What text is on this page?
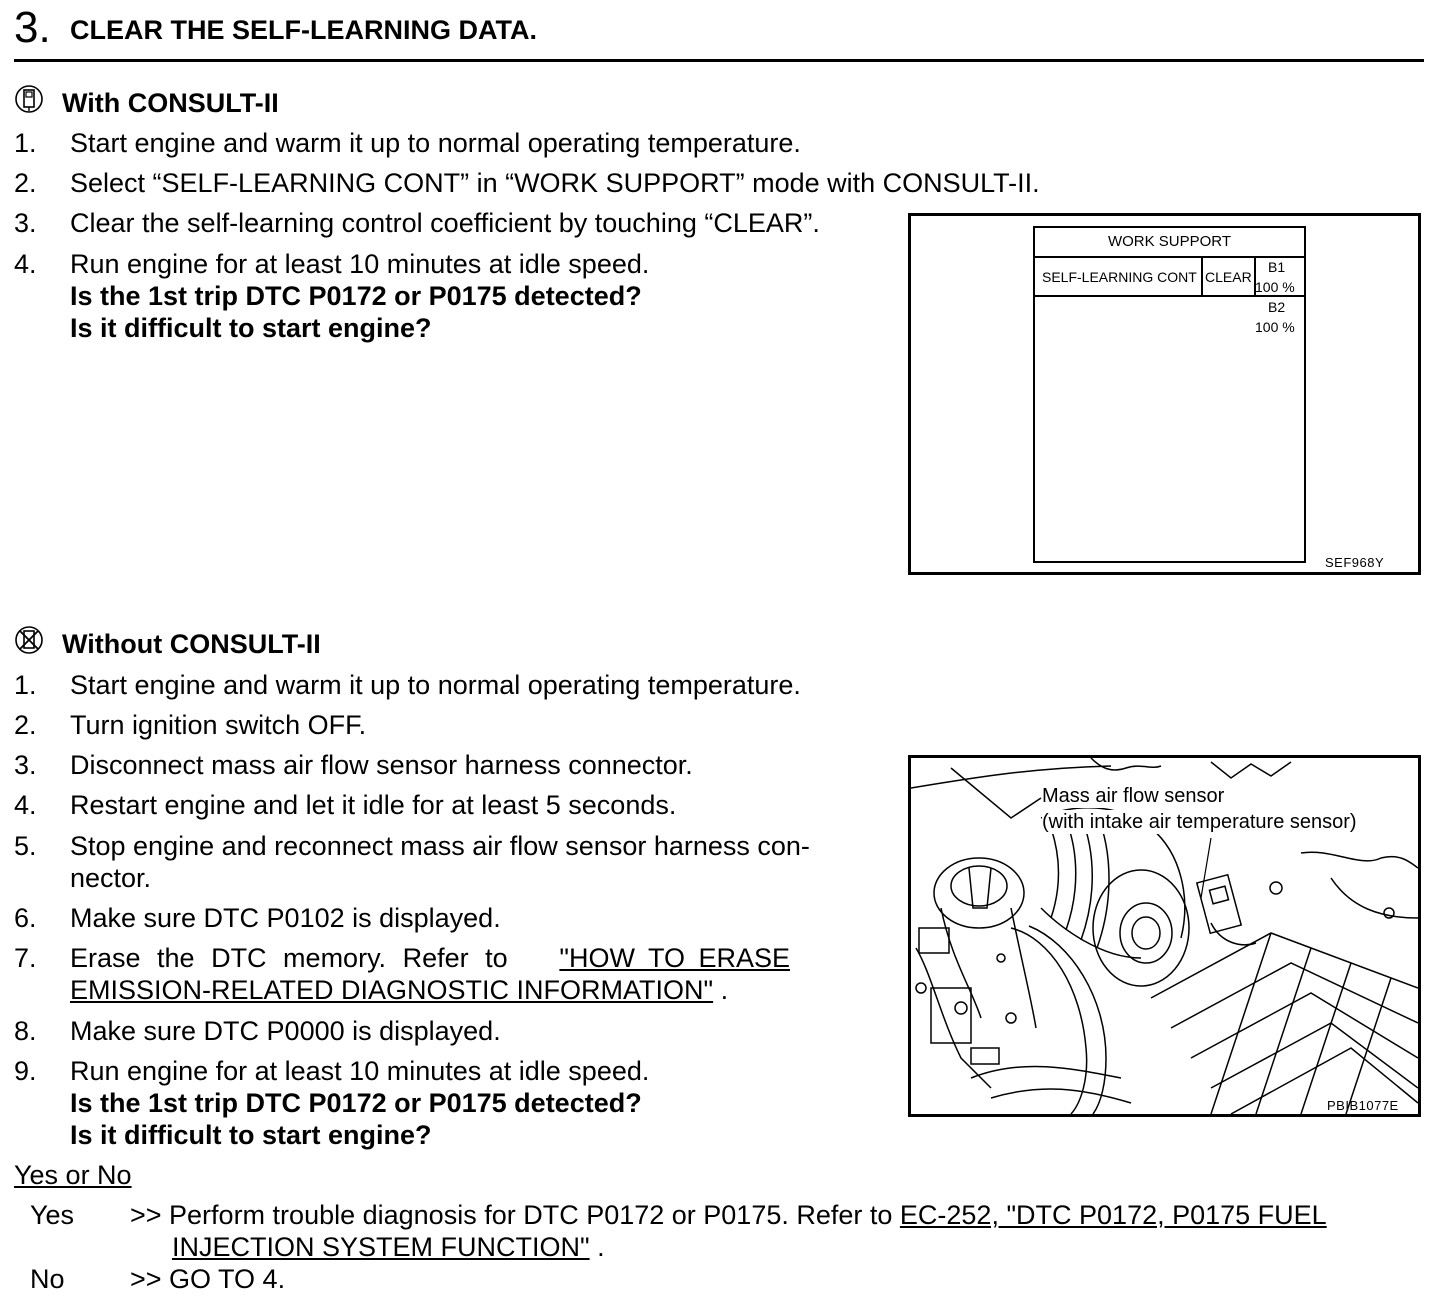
3. CLEAR THE SELF-LEARNING DATA.
With CONSULT-II
1. Start engine and warm it up to normal operating temperature.
2. Select “SELF-LEARNING CONT” in “WORK SUPPORT” mode with CONSULT-II.
3. Clear the self-learning control coefficient by touching “CLEAR”.
4. Run engine for at least 10 minutes at idle speed.
Is the 1st trip DTC P0172 or P0175 detected?
Is it difficult to start engine?
WORK SUPPORT
SELF-LEARNING CONT CLEAR
B1
100 %
B2
100 %
SEF968Y
Without CONSULT-II
1. Start engine and warm it up to normal operating temperature.
2. Turn ignition switch OFF.
3. Disconnect mass air flow sensor harness connector.
4. Restart engine and let it idle for at least 5 seconds.
5. Stop engine and reconnect mass air flow sensor harness con-
nector.
6. Make sure DTC P0102 is displayed.
7. Erase the DTC memory. Refer to "HOW TO ERASE
EMISSION-RELATED DIAGNOSTIC INFORMATION" .
8. Make sure DTC P0000 is displayed.
9. Run engine for at least 10 minutes at idle speed.
Is the 1st trip DTC P0172 or P0175 detected?
Is it difficult to start engine?
Mass air flow sensor
(with intake air temperature sensor)
PBIB1077E
Yes or No
Yes >> Perform trouble diagnosis for DTC P0172 or P0175. Refer to EC-252, "DTC P0172, P0175 FUEL
INJECTION SYSTEM FUNCTION" .
No >> GO TO 4.
